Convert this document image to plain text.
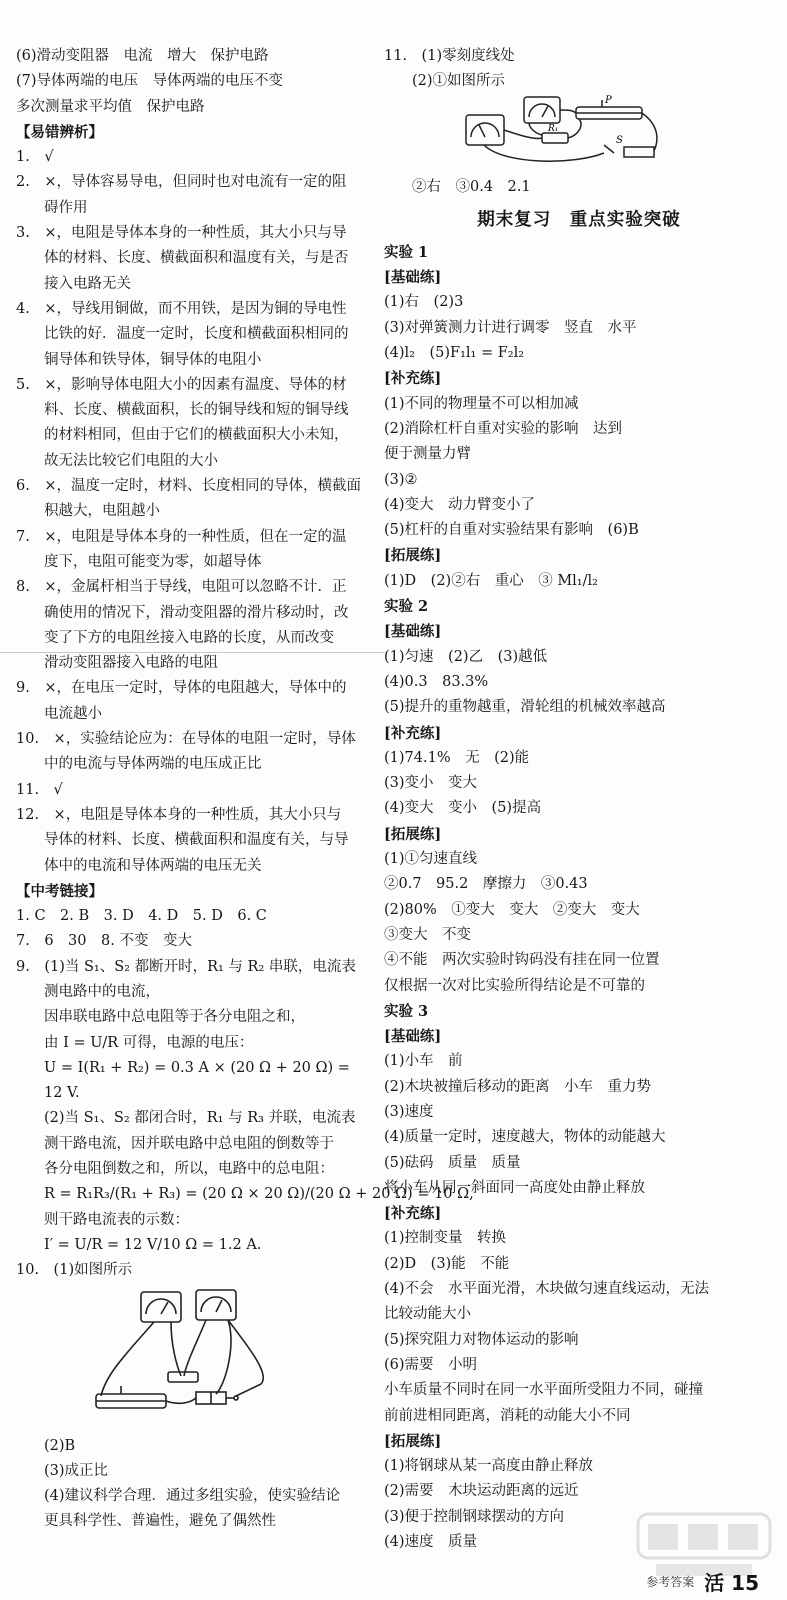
(6)滑动变阻器　电流　增大　保护电路
(7)导体两端的电压　导体两端的电压不变
多次测量求平均值　保护电路
【易错辨析】
1.　√
2.　×，导体容易导电，但同时也对电流有一定的阻
碍作用
3.　×，电阻是导体本身的一种性质，其大小只与导
体的材料、长度、横截面积和温度有关，与是否
接入电路无关
4.　×，导线用铜做，而不用铁，是因为铜的导电性
比铁的好．温度一定时，长度和横截面积相同的
铜导体和铁导体，铜导体的电阻小
5.　×，影响导体电阻大小的因素有温度、导体的材
料、长度、横截面积，长的铜导线和短的铜导线
的材料相同，但由于它们的横截面积大小未知，
故无法比较它们电阻的大小
6.　×，温度一定时，材料、长度相同的导体，横截面
积越大，电阻越小
7.　×，电阻是导体本身的一种性质，但在一定的温
度下，电阻可能变为零，如超导体
8.　×，金属杆相当于导线，电阻可以忽略不计．正
确使用的情况下，滑动变阻器的滑片移动时，改
变了下方的电阻丝接入电路的长度，从而改变
滑动变阻器接入电路的电阻
9.　×，在电压一定时，导体的电阻越大，导体中的
电流越小
10.　×，实验结论应为：在导体的电阻一定时，导体
中的电流与导体两端的电压成正比
11.　√
12.　×，电阻是导体本身的一种性质，其大小只与
导体的材料、长度、横截面积和温度有关，与导
体中的电流和导体两端的电压无关
【中考链接】
1. C　2. B　3. D　4. D　5. D　6. C
7.　6　30　8. 不变　变大
9.　(1)当 S₁、S₂ 都断开时，R₁ 与 R₂ 串联，电流表
测电路中的电流，
因串联电路中总电阻等于各分电阻之和，
由 I = U/R 可得，电源的电压：
U = I(R₁ + R₂) = 0.3 A × (20 Ω + 20 Ω) =
12 V.
(2)当 S₁、S₂ 都闭合时，R₁ 与 R₃ 并联，电流表
测干路电流，因并联电路中总电阻的倒数等于
各分电阻倒数之和，所以，电路中的总电阻：
R = R₁R₃/(R₁ + R₃) = (20 Ω × 20 Ω)/(20 Ω + 20 Ω) = 10 Ω,
则干路电流表的示数：
I′ = U/R = 12 V/10 Ω = 1.2 A.
10.　(1)如图所示
(2)B
(3)成正比
(4)建议科学合理．通过多组实验，使实验结论
更具科学性、普遍性，避免了偶然性
11.　(1)零刻度线处
(2)①如图所示
P
R₁
S
②右　③0.4　2.1
期末复习　重点实验突破
实验 1
[基础练]
(1)右　(2)3
(3)对弹簧测力计进行调零　竖直　水平
(4)l₂　(5)F₁l₁ = F₂l₂
[补充练]
(1)不同的物理量不可以相加减
(2)消除杠杆自重对实验的影响　达到
便于测量力臂
(3)②
(4)变大　动力臂变小了
(5)杠杆的自重对实验结果有影响　(6)B
[拓展练]
(1)D　(2)②右　重心　③ Ml₁/l₂
实验 2
[基础练]
(1)匀速　(2)乙　(3)越低
(4)0.3　83.3%
(5)提升的重物越重，滑轮组的机械效率越高
[补充练]
(1)74.1%　无　(2)能
(3)变小　变大
(4)变大　变小　(5)提高
[拓展练]
(1)①匀速直线
②0.7　95.2　摩擦力　③0.43
(2)80%　①变大　变大　②变大　变大
③变大　不变
④不能　两次实验时钩码没有挂在同一位置
仅根据一次对比实验所得结论是不可靠的
实验 3
[基础练]
(1)小车　前
(2)木块被撞后移动的距离　小车　重力势
(3)速度
(4)质量一定时，速度越大，物体的动能越大
(5)砝码　质量　质量
将小车从同一斜面同一高度处由静止释放
[补充练]
(1)控制变量　转换
(2)D　(3)能　不能
(4)不会　水平面光滑，木块做匀速直线运动，无法
比较动能大小
(5)探究阻力对物体运动的影响
(6)需要　小明
小车质量不同时在同一水平面所受阻力不同，碰撞
前前进相同距离，消耗的动能大小不同
[拓展练]
(1)将钢球从某一高度由静止释放
(2)需要　木块运动距离的远近
(3)便于控制钢球摆动的方向
(4)速度　质量
参考答案 活 15
